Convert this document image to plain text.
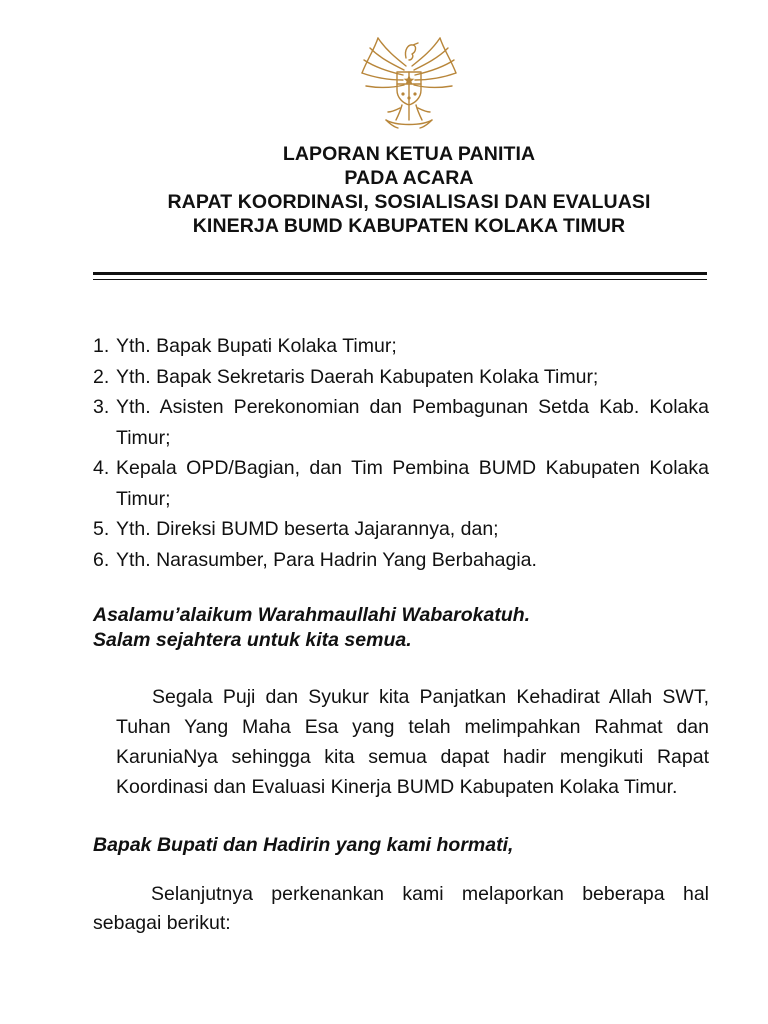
LAPORAN KETUA PANITIA
PADA ACARA
RAPAT KOORDINASI, SOSIALISASI DAN EVALUASI
KINERJA BUMD KABUPATEN KOLAKA TIMUR
1. Yth. Bapak Bupati Kolaka Timur;
2. Yth. Bapak Sekretaris Daerah Kabupaten Kolaka Timur;
3. Yth. Asisten Perekonomian dan Pembagunan Setda Kab. Kolaka Timur;
4. Kepala OPD/Bagian, dan Tim Pembina BUMD Kabupaten Kolaka Timur;
5. Yth. Direksi BUMD beserta Jajarannya, dan;
6. Yth. Narasumber, Para Hadrin Yang Berbahagia.
Asalamu’alaikum Warahmaullahi Wabarokatuh.
Salam sejahtera untuk kita semua.

Segala Puji dan Syukur kita Panjatkan Kehadirat Allah SWT, Tuhan Yang Maha Esa yang telah melimpahkan Rahmat dan KaruniaNya sehingga kita semua dapat hadir mengikuti Rapat Koordinasi dan Evaluasi Kinerja BUMD Kabupaten Kolaka Timur.

Bapak Bupati dan Hadirin yang kami hormati,

Selanjutnya perkenankan kami melaporkan beberapa hal sebagai berikut:
